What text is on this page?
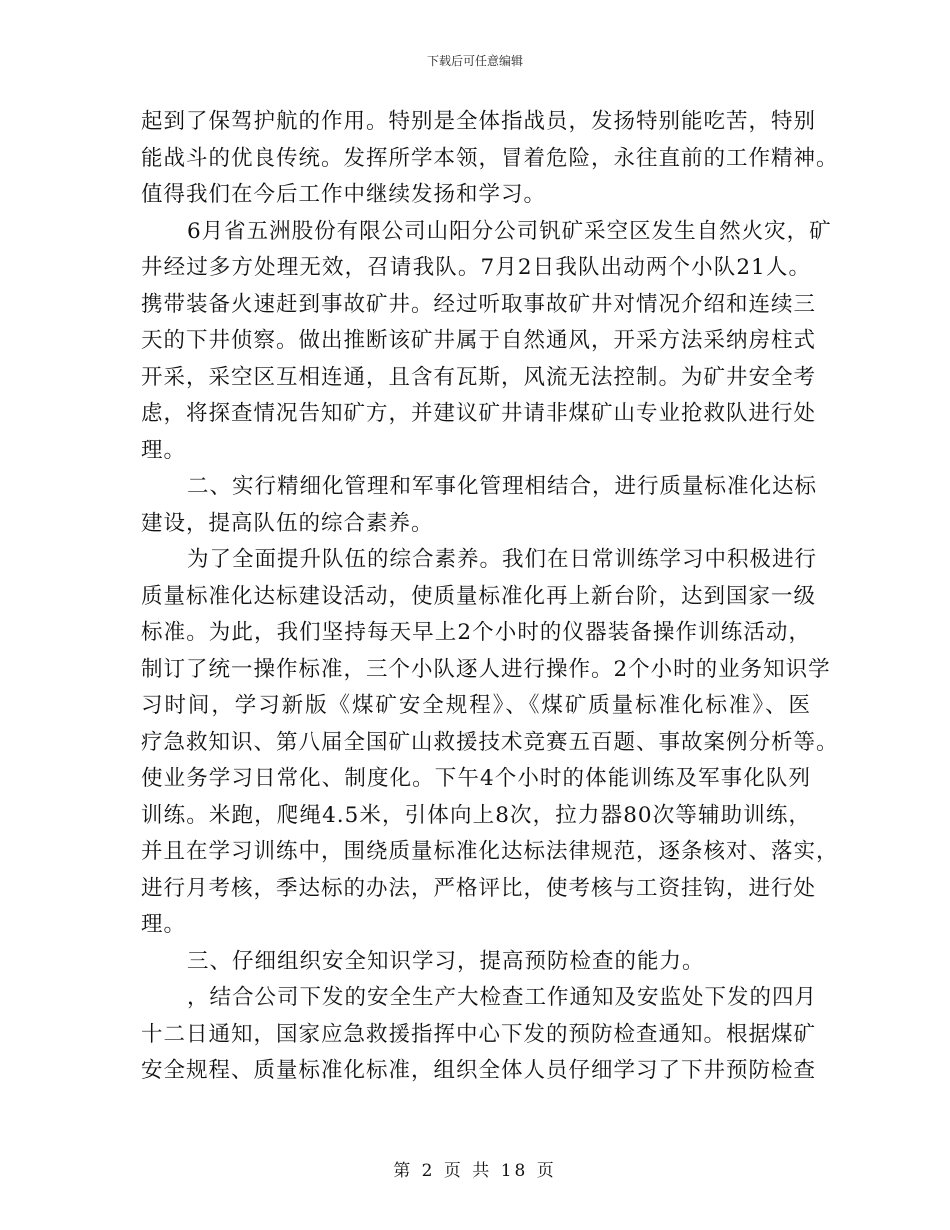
下载后可任意编辑
起到了保驾护航的作用。特别是全体指战员，发扬特别能吃苦，特别
能战斗的优良传统。发挥所学本领，冒着危险，永往直前的工作精神。
值得我们在今后工作中继续发扬和学习。
6月省五洲股份有限公司山阳分公司钒矿采空区发生自然火灾，矿
井经过多方处理无效，召请我队。7月2日我队出动两个小队21人。
携带装备火速赶到事故矿井。经过听取事故矿井对情况介绍和连续三
天的下井侦察。做出推断该矿井属于自然通风，开采方法采纳房柱式
开采，采空区互相连通，且含有瓦斯，风流无法控制。为矿井安全考
虑，将探查情况告知矿方，并建议矿井请非煤矿山专业抢救队进行处
理。
二、实行精细化管理和军事化管理相结合，进行质量标准化达标
建设，提高队伍的综合素养。
为了全面提升队伍的综合素养。我们在日常训练学习中积极进行
质量标准化达标建设活动，使质量标准化再上新台阶，达到国家一级
标准。为此，我们坚持每天早上2个小时的仪器装备操作训练活动，
制订了统一操作标准，三个小队逐人进行操作。2个小时的业务知识学
习时间，学习新版《煤矿安全规程》、《煤矿质量标准化标准》、医
疗急救知识、第八届全国矿山救援技术竞赛五百题、事故案例分析等。
使业务学习日常化、制度化。下午4个小时的体能训练及军事化队列
训练。米跑，爬绳4.5米，引体向上8次，拉力器80次等辅助训练，
并且在学习训练中，围绕质量标准化达标法律规范，逐条核对、落实，
进行月考核，季达标的办法，严格评比，使考核与工资挂钩，进行处
理。
三、仔细组织安全知识学习，提高预防检查的能力。
，结合公司下发的安全生产大检查工作通知及安监处下发的四月
十二日通知，国家应急救援指挥中心下发的预防检查通知。根据煤矿
安全规程、质量标准化标准，组织全体人员仔细学习了下井预防检查
第 2 页 共 18 页
